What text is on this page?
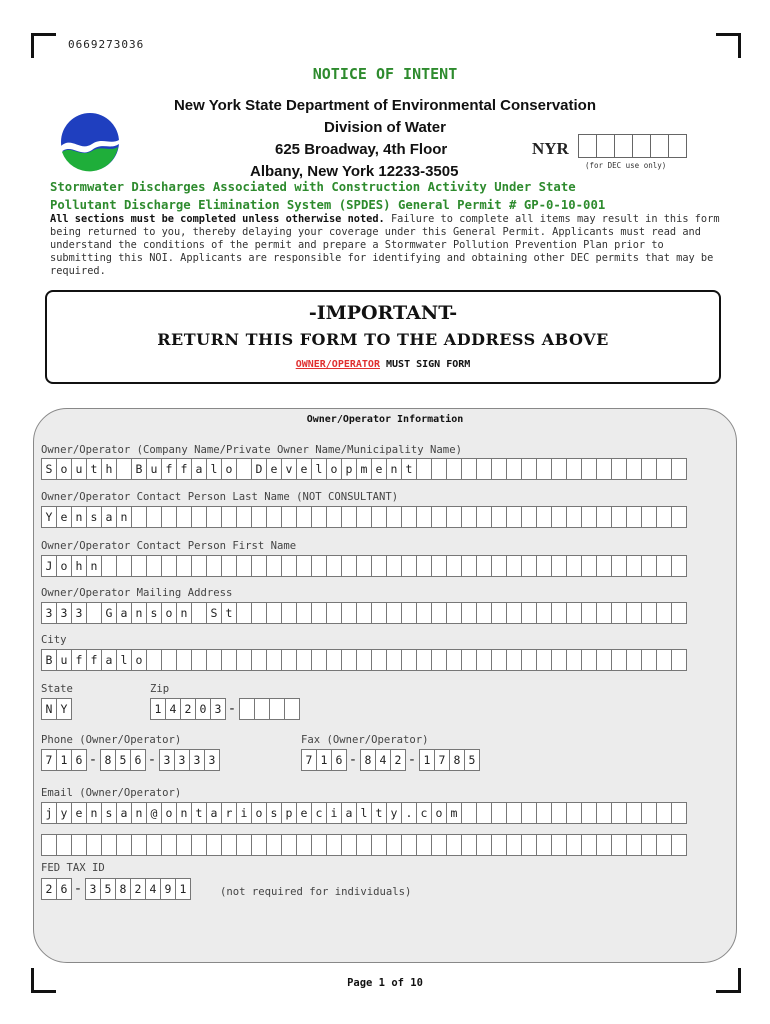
0669273036
NOTICE OF INTENT
New York State Department of Environmental Conservation
Division of Water
625 Broadway, 4th Floor
Albany, New York 12233-3505
NYR
(for DEC use only)
Stormwater Discharges Associated with Construction Activity Under State
Pollutant Discharge Elimination System (SPDES) General Permit # GP-0-10-001
All sections must be completed unless otherwise noted. Failure to complete all items may result in this form being returned to you, thereby delaying your coverage under this General Permit. Applicants must read and understand the conditions of the permit and prepare a Stormwater Pollution Prevention Plan prior to submitting this NOI. Applicants are responsible for identifying and obtaining other DEC permits that may be required.
-IMPORTANT-
RETURN THIS FORM TO THE ADDRESS ABOVE
OWNER/OPERATOR MUST SIGN FORM
Owner/Operator Information
Owner/Operator (Company Name/Private Owner Name/Municipality Name)
S o u t h	B u f f a l o	D e v e l o p m e n t
Owner/Operator Contact Person Last Name (NOT CONSULTANT)
Y e n s a n
Owner/Operator Contact Person First Name
J o h n
Owner/Operator Mailing Address
3 3 3	G a n s o n	S t
City
B u f f a l o
State
N Y
Zip
1 4 2 0 3 -
Phone (Owner/Operator)
7 1 6 - 8 5 6 - 3 3 3 3
Fax (Owner/Operator)
7 1 6 - 8 4 2 - 1 7 8 5
Email (Owner/Operator)
j y e n s a n @ o n t a r i o s p e c i a l t y . c o m
FED TAX ID
2 6 - 3 5 8 2 4 9 1	(not required for individuals)
Page 1 of 10
